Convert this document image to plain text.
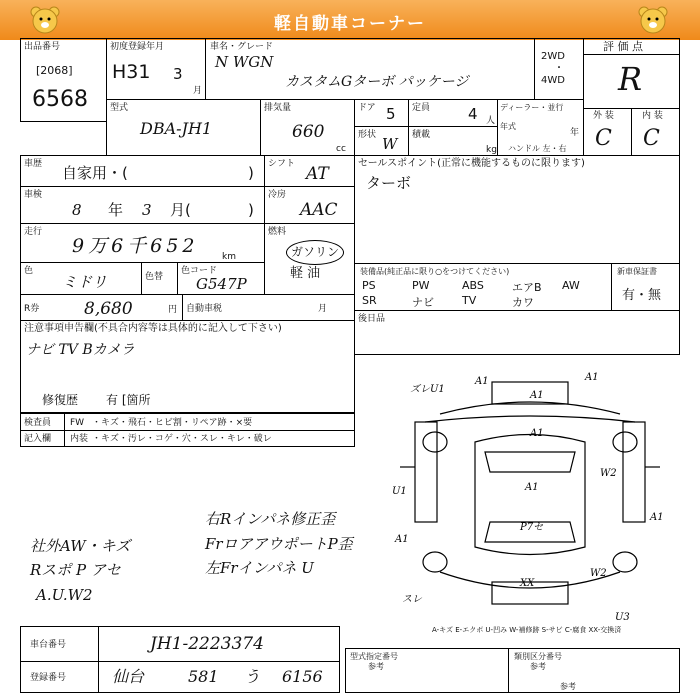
軽自動車コーナー
出品番号
[2068]
6568
初度登録年月
H31 3
月
車名・グレード
N WGN
カスタムGターボ パッケージ
2WD
・
4WD
評 価 点
R
外 装	内 装
C C
型式
DBA-JH1
排気量
660
cc
ドア 5
形状 W
定員	4 人
積載
kg
ディーラー・並行
年式
年
ハンドル 左・右
車歴 自家用・(	) シフト AT
車検
8 年 3 月(	)
冷房
AAC
走行
9万6千652	km
燃料
ガソリン
軽 油
色
ミドリ	色替
色コード
G547P
R券	8,680	円 自動車税	月
セールスポイント(正常に機能するものに限ります)
ターボ
装備品(純正品に限り○をつけてください)
PS	PW	ABS	エアB AW
SR	ナビ	TV	カワ
新車保証書
有・無
後日品
注意事項申告欄(不具合内容等は具体的に記入して下さい)
ナビ TV Bカメラ
修復歴 有 [箇所
検査員
記入欄
FW ・キズ・飛石・ヒビ割・リペア跡・×要
内装 ・キズ・汚レ・コゲ・穴・スレ・キレ・破レ
右Rインパネ修正歪
FrロアアウポートP歪
左Frインパネ U
社外AW・キズ
Rスポ P アセ
A.U.W2
ズレU1
A1	A1
A1
A1
W2
U1	A1
A1
P7セ
A1
XX
W2
U3
スレ
A-キズ E-エクボ U-凹み W-補修跡 S-サビ C-腐食 XX-交換済
車台番号	JH1-2223374
登録番号	仙台	581 う 6156
型式指定番号
参考
類別区分番号
参考
参考
